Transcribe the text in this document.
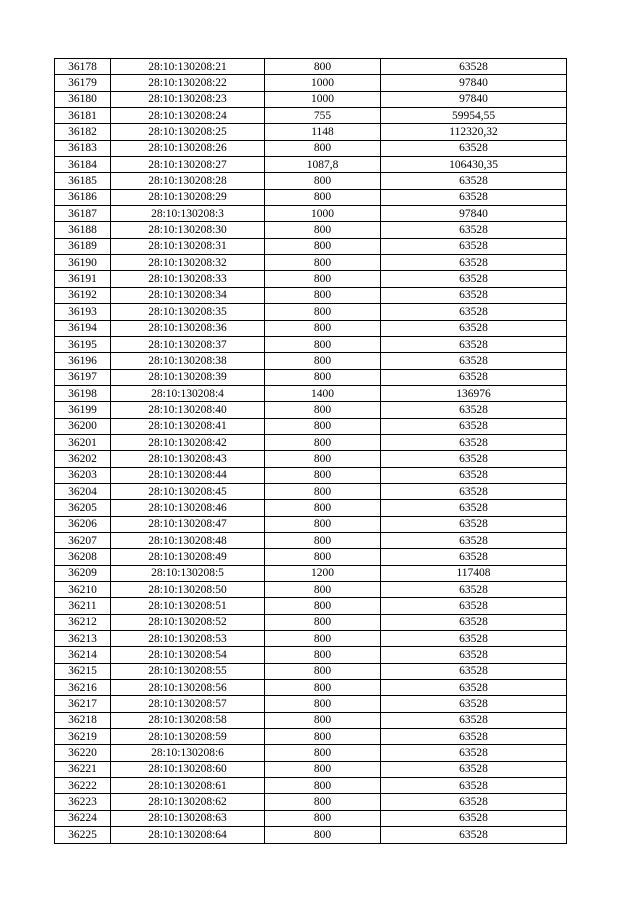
36178	28:10:130208:21	800	63528
36179	28:10:130208:22	1000	97840
36180	28:10:130208:23	1000	97840
36181	28:10:130208:24	755	59954,55
36182	28:10:130208:25	1148	112320,32
36183	28:10:130208:26	800	63528
36184	28:10:130208:27	1087,8	106430,35
36185	28:10:130208:28	800	63528
36186	28:10:130208:29	800	63528
36187	28:10:130208:3	1000	97840
36188	28:10:130208:30	800	63528
36189	28:10:130208:31	800	63528
36190	28:10:130208:32	800	63528
36191	28:10:130208:33	800	63528
36192	28:10:130208:34	800	63528
36193	28:10:130208:35	800	63528
36194	28:10:130208:36	800	63528
36195	28:10:130208:37	800	63528
36196	28:10:130208:38	800	63528
36197	28:10:130208:39	800	63528
36198	28:10:130208:4	1400	136976
36199	28:10:130208:40	800	63528
36200	28:10:130208:41	800	63528
36201	28:10:130208:42	800	63528
36202	28:10:130208:43	800	63528
36203	28:10:130208:44	800	63528
36204	28:10:130208:45	800	63528
36205	28:10:130208:46	800	63528
36206	28:10:130208:47	800	63528
36207	28:10:130208:48	800	63528
36208	28:10:130208:49	800	63528
36209	28:10:130208:5	1200	117408
36210	28:10:130208:50	800	63528
36211	28:10:130208:51	800	63528
36212	28:10:130208:52	800	63528
36213	28:10:130208:53	800	63528
36214	28:10:130208:54	800	63528
36215	28:10:130208:55	800	63528
36216	28:10:130208:56	800	63528
36217	28:10:130208:57	800	63528
36218	28:10:130208:58	800	63528
36219	28:10:130208:59	800	63528
36220	28:10:130208:6	800	63528
36221	28:10:130208:60	800	63528
36222	28:10:130208:61	800	63528
36223	28:10:130208:62	800	63528
36224	28:10:130208:63	800	63528
36225	28:10:130208:64	800	63528
